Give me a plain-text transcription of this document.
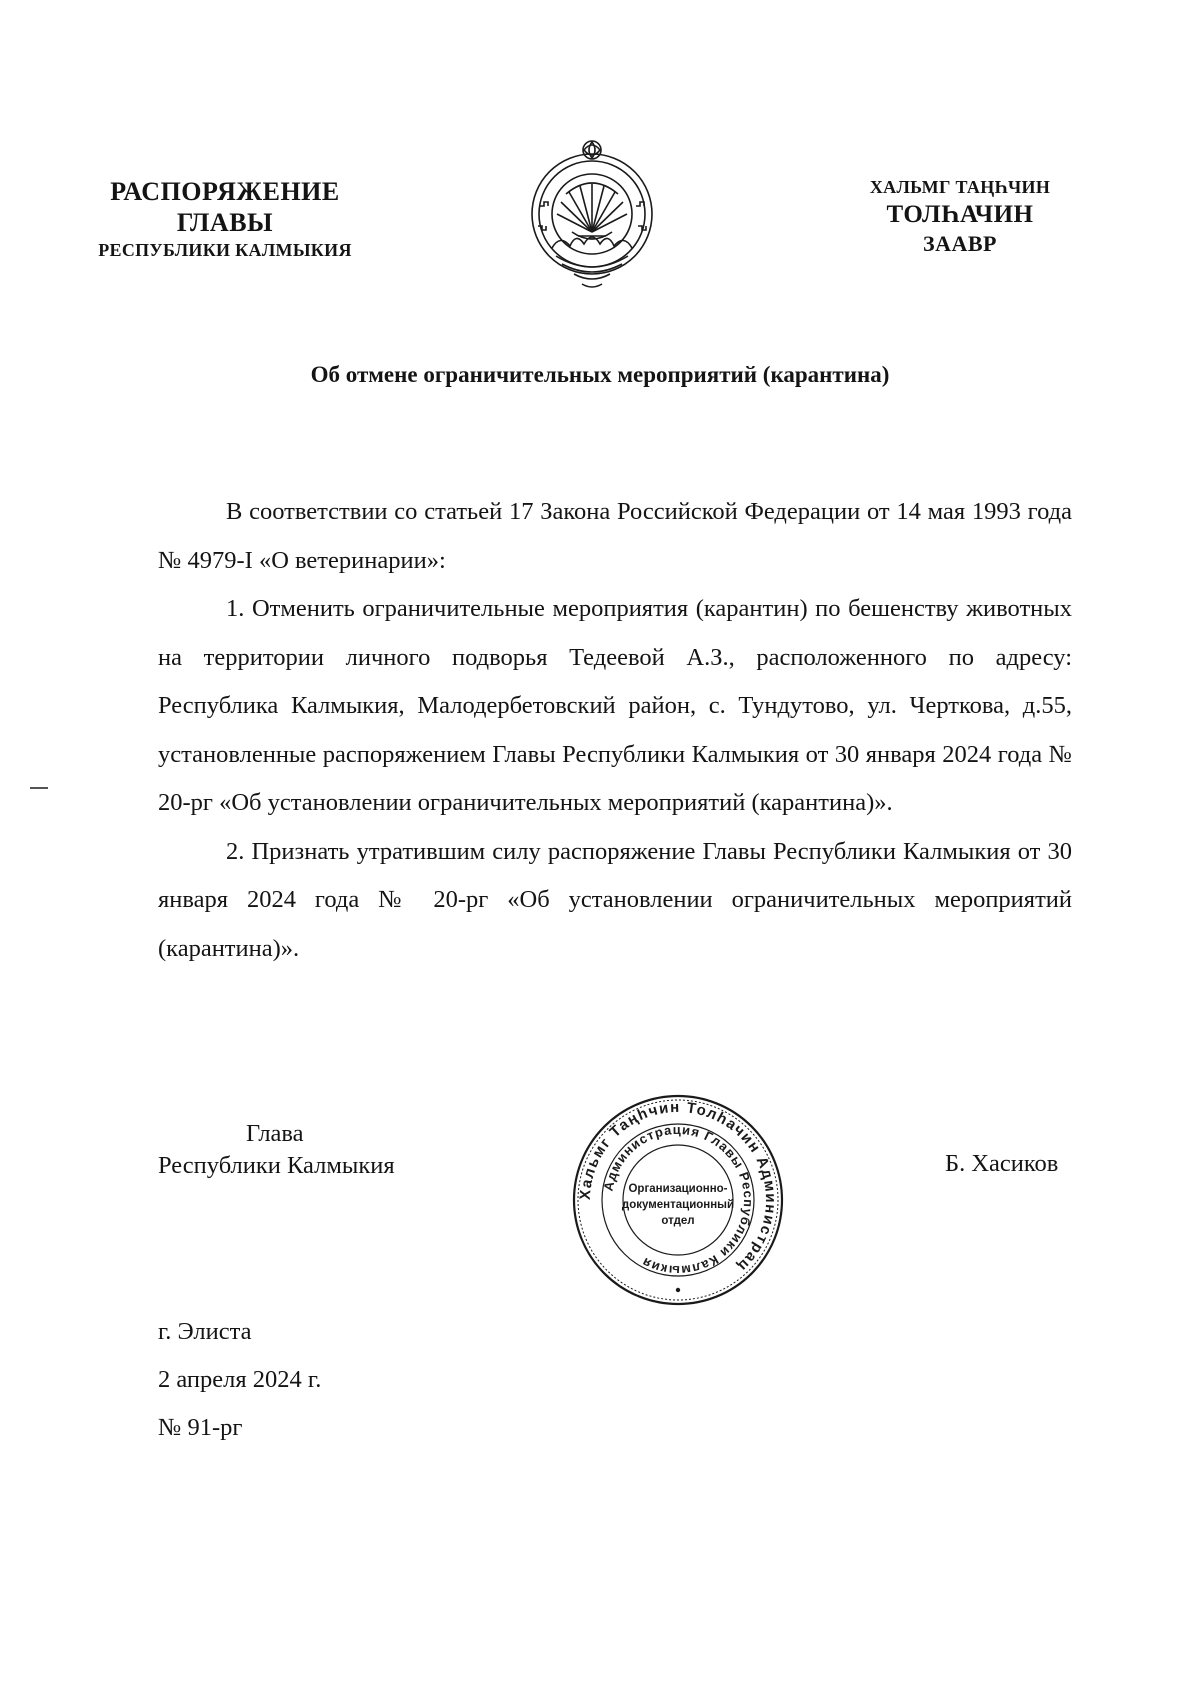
РАСПОРЯЖЕНИЕ
ГЛАВЫ
РЕСПУБЛИКИ КАЛМЫКИЯ
ХАЛЬМГ ТАҢҺЧИН
ТОЛҺАЧИН
ЗААВР
Об отмене ограничительных мероприятий (карантина)

В соответствии со статьей 17 Закона Российской Федерации от 14 мая 1993 года № 4979-I «О ветеринарии»:

1. Отменить ограничительные мероприятия (карантин) по бешенству животных на территории личного подворья Тедеевой А.З., расположенного по адресу: Республика Калмыкия, Малодербетовский район, с. Тундутово, ул. Черткова, д.55, установленные распоряжением Главы Республики Калмыкия от 30 января 2024 года № 20-рг «Об установлении ограничительных мероприятий (карантина)».

2. Признать утратившим силу распоряжение Главы Республики Калмыкия от 30 января 2024 года № 20-рг «Об установлении ограничительных мероприятий (карантина)».

Глава
Республики Калмыкия
Хальмг Таңһчин Толһачин Администрац
Администрация Главы Республики Калмыкия
Организационно-
документационный
отдел
Б. Хасиков
г. Элиста
2 апреля 2024 г.
№ 91-рг
